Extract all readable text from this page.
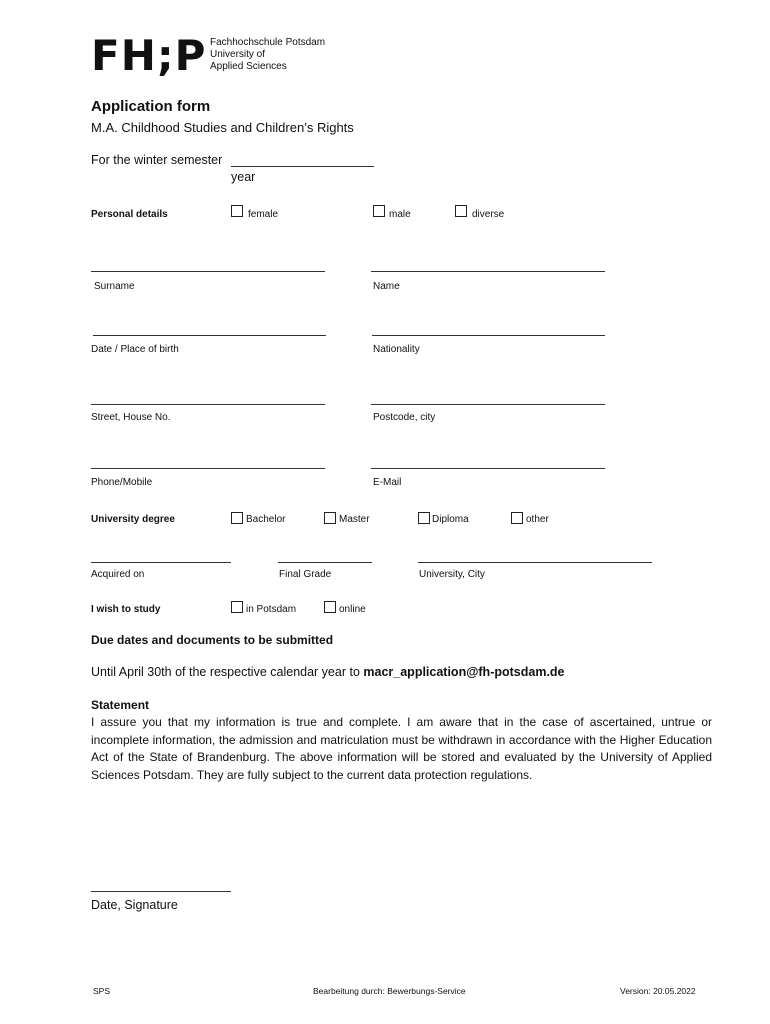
FH;P Fachhochschule Potsdam
University of
Applied Sciences
Application form
M.A. Childhood Studies and Children’s Rights
For the winter semester
year
Personal details	female	male	diverse
Surname	Name
Date / Place of birth	Nationality
Street, House No.	Postcode, city
Phone/Mobile	E-Mail
University degree	Bachelor	Master	Diploma	other
Acquired on	Final Grade	University, City
I wish to study	in Potsdam	online
Due dates and documents to be submitted
Until April 30th of the respective calendar year to macr_application@fh-potsdam.de
Statement
I assure you that my information is true and complete. I am aware that in the case of ascertained, untrue or incomplete information, the admission and matriculation must be withdrawn in accordance with the Higher Education Act of the State of Brandenburg. The above information will be stored and evaluated by the University of Applied Sciences Potsdam. They are fully subject to the current data protection regulations.
Date, Signature
SPS	Bearbeitung durch: Bewerbungs-Service	Version: 20.05.2022
